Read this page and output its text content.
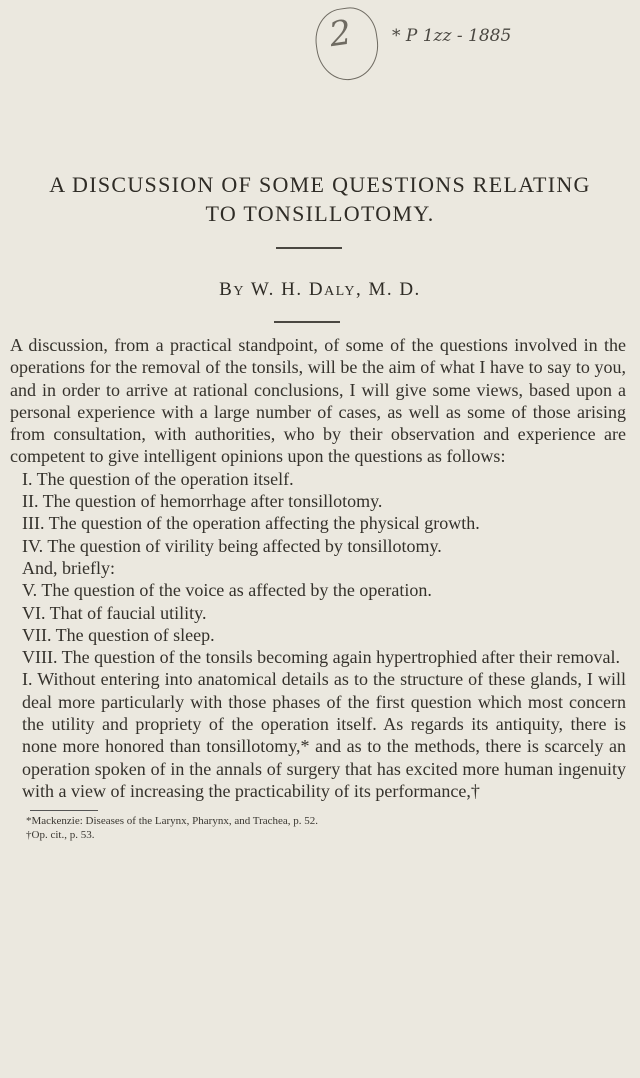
2 * P 1zz - 1885
A DISCUSSION OF SOME QUESTIONS RELATING
TO TONSILLOTOMY.
BY W. H. DALY, M. D.

A discussion, from a practical standpoint, of some of the questions involved in the operations for the removal of the tonsils, will be the aim of what I have to say to you, and in order to arrive at rational conclusions, I will give some views, based upon a personal experience with a large number of cases, as well as some of those arising from consultation, with authorities, who by their observation and experience are competent to give intelligent opinions upon the questions as follows:

I. The question of the operation itself.

II. The question of hemorrhage after tonsillotomy.

III. The question of the operation affecting the physical growth.

IV. The question of virility being affected by tonsillotomy.

And, briefly:

V. The question of the voice as affected by the operation.

VI. That of faucial utility.

VII. The question of sleep.

VIII. The question of the tonsils becoming again hypertrophied after their removal.

I. Without entering into anatomical details as to the structure of these glands, I will deal more particularly with those phases of the first question which most concern the utility and propriety of the operation itself. As regards its antiquity, there is none more honored than tonsillotomy,* and as to the methods, there is scarcely an operation spoken of in the annals of surgery that has excited more human ingenuity with a view of increasing the practicability of its performance,†

*Mackenzie: Diseases of the Larynx, Pharynx, and Trachea, p. 52.

†Op. cit., p. 53.
